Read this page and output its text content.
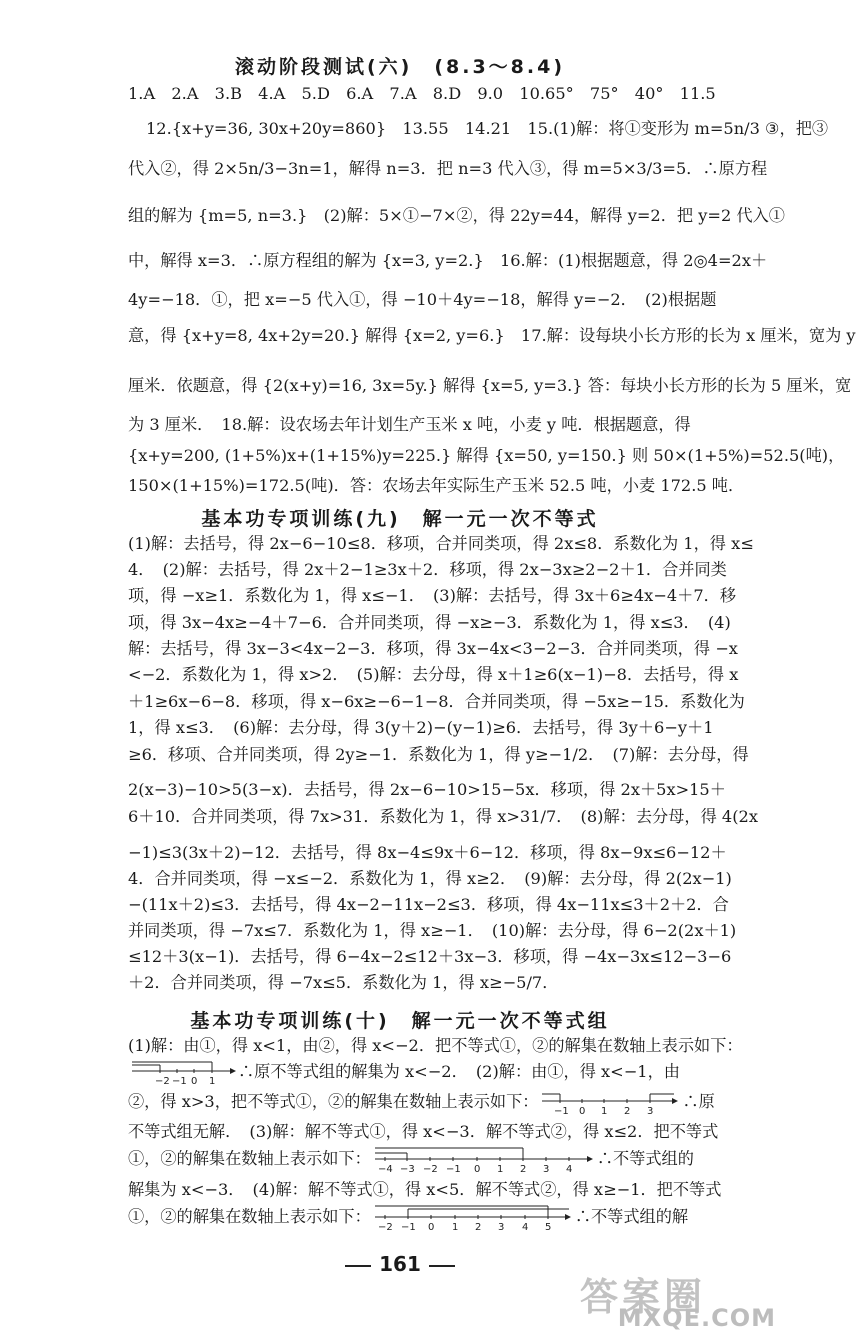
滚动阶段测试(六)　(8.3～8.4)
1.A　2.A　3.B　4.A　5.D　6.A　7.A　8.D　9.0　10.65°　75°　40°　11.5
12.{x+y=36, 30x+20y=860}　13.55　14.21　15.(1)解：将①变形为 m=5n/3 ③，把③
代入②，得 2×5n/3−3n=1，解得 n=3．把 n=3 代入③，得 m=5×3/3=5．∴原方程
组的解为 {m=5, n=3.}　(2)解：5×①−7×②，得 22y=44，解得 y=2．把 y=2 代入①
中，解得 x=3．∴原方程组的解为 {x=3, y=2.}　16.解：(1)根据题意，得 2◎4=2x＋
4y=−18．①，把 x=−5 代入①，得 −10＋4y=−18，解得 y=−2．　(2)根据题
意，得 {x+y=8, 4x+2y=20.} 解得 {x=2, y=6.}　17.解：设每块小长方形的长为 x 厘米，宽为 y
厘米．依题意，得 {2(x+y)=16, 3x=5y.} 解得 {x=5, y=3.} 答：每块小长方形的长为 5 厘米，宽
为 3 厘米．　18.解：设农场去年计划生产玉米 x 吨，小麦 y 吨．根据题意，得
{x+y=200, (1+5%)x+(1+15%)y=225.} 解得 {x=50, y=150.} 则 50×(1+5%)=52.5(吨)，
150×(1+15%)=172.5(吨)．答：农场去年实际生产玉米 52.5 吨，小麦 172.5 吨．
基本功专项训练(九)　解一元一次不等式
(1)解：去括号，得 2x−6−10≤8．移项，合并同类项，得 2x≤8．系数化为 1，得 x≤
4．　(2)解：去括号，得 2x＋2−1≥3x＋2．移项，得 2x−3x≥2−2＋1．合并同类
项，得 −x≥1．系数化为 1，得 x≤−1．　(3)解：去括号，得 3x＋6≥4x−4＋7．移
项，得 3x−4x≥−4＋7−6．合并同类项，得 −x≥−3．系数化为 1，得 x≤3．　(4)
解：去括号，得 3x−3<4x−2−3．移项，得 3x−4x<3−2−3．合并同类项，得 −x
<−2．系数化为 1，得 x>2．　(5)解：去分母，得 x＋1≥6(x−1)−8．去括号，得 x
＋1≥6x−6−8．移项，得 x−6x≥−6−1−8．合并同类项，得 −5x≥−15．系数化为
1，得 x≤3．　(6)解：去分母，得 3(y＋2)−(y−1)≥6．去括号，得 3y＋6−y＋1
≥6．移项、合并同类项，得 2y≥−1．系数化为 1，得 y≥−1/2．　(7)解：去分母，得
2(x−3)−10>5(3−x)．去括号，得 2x−6−10>15−5x．移项，得 2x＋5x>15＋
6＋10．合并同类项，得 7x>31．系数化为 1，得 x>31/7．　(8)解：去分母，得 4(2x
−1)≤3(3x＋2)−12．去括号，得 8x−4≤9x＋6−12．移项，得 8x−9x≤6−12＋
4．合并同类项，得 −x≤−2．系数化为 1，得 x≥2．　(9)解：去分母，得 2(2x−1)
−(11x＋2)≤3．去括号，得 4x−2−11x−2≤3．移项，得 4x−11x≤3＋2＋2．合
并同类项，得 −7x≤7．系数化为 1，得 x≥−1．　(10)解：去分母，得 6−2(2x＋1)
≤12＋3(x−1)．去括号，得 6−4x−2≤12＋3x−3．移项，得 −4x−3x≤12−3−6
＋2．合并同类项，得 −7x≤5．系数化为 1，得 x≥−5/7．
基本功专项训练(十)　解一元一次不等式组
(1)解：由①，得 x<1，由②，得 x<−2．把不等式①，②的解集在数轴上表示如下：
−2 −1 0 1 ∴原不等式组的解集为 x<−2．　(2)解：由①，得 x<−1，由
②，得 x>3，把不等式①，②的解集在数轴上表示如下： −1 0 1 2 3 ∴原
不等式组无解．　(3)解：解不等式①，得 x<−3．解不等式②，得 x≤2．把不等式
①，②的解集在数轴上表示如下：
−4 −3 −2 −1 0 1 2 3 4
∴不等式组的
解集为 x<−3．　(4)解：解不等式①，得 x<5．解不等式②，得 x≥−1．把不等式
①，②的解集在数轴上表示如下：
−2 −1 0 1 2 3 4 5
∴不等式组的解
161
答案圈
MXQE.COM
